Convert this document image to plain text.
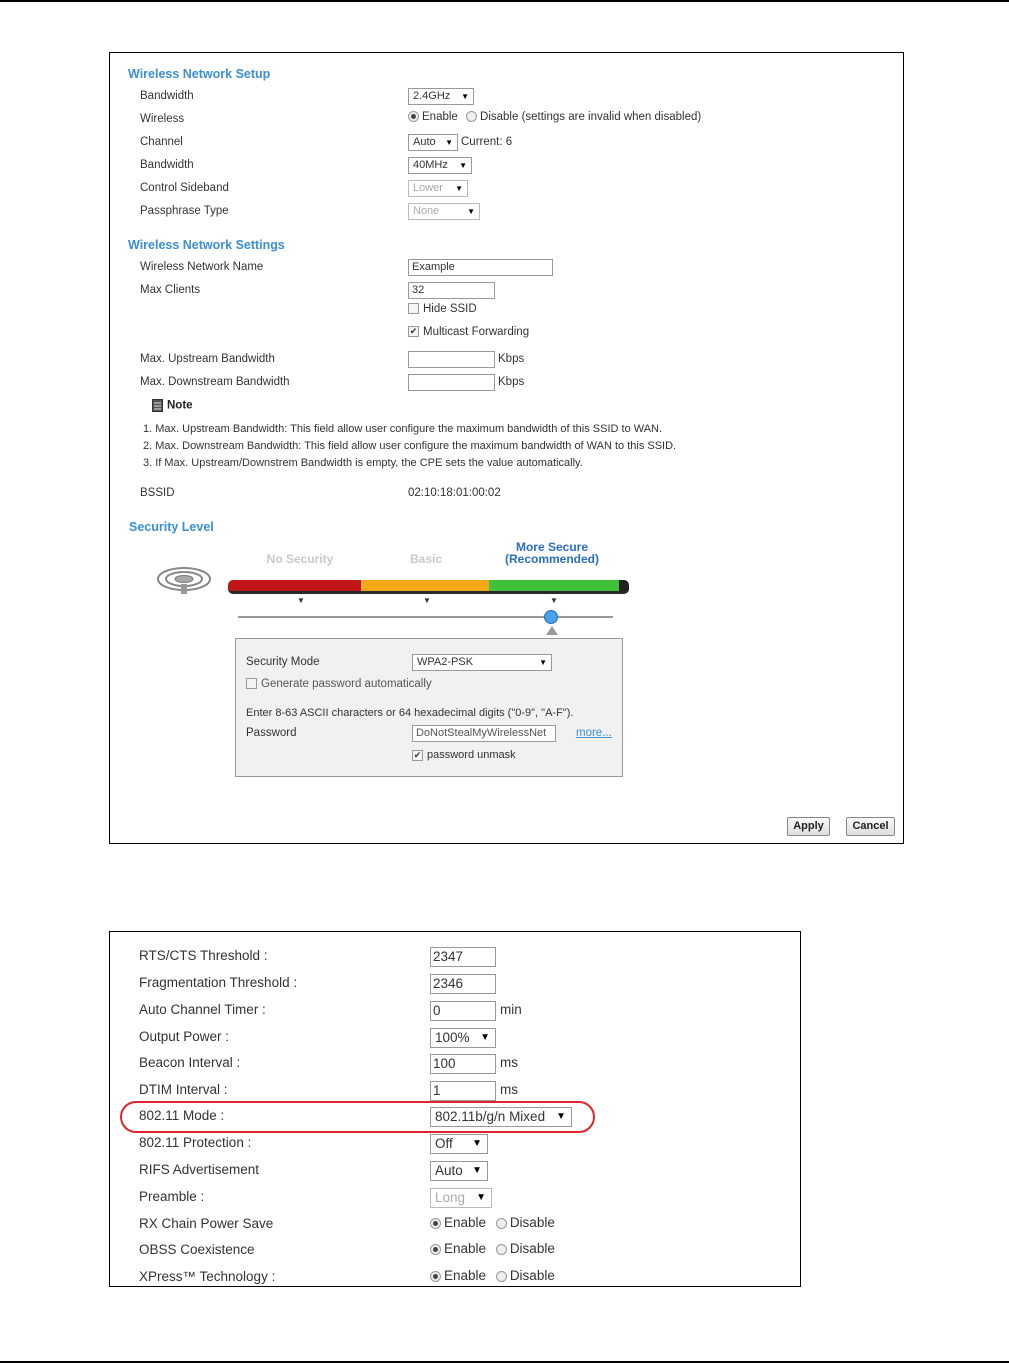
Wireless Network Setup
Bandwidth	2.4GHz ▼
Wireless	Enable Disable (settings are invalid when disabled)
Channel	Auto ▼ Current: 6
Bandwidth	40MHz ▼
Control Sideband	Lower ▼
Passphrase Type	None	▼
Wireless Network Settings
Wireless Network Name	Example
Max Clients	32
Hide SSID
✔ Multicast Forwarding
Max. Upstream Bandwidth	Kbps
Max. Downstream Bandwidth	Kbps
Note
1. Max. Upstream Bandwidth: This field allow user configure the maximum bandwidth of this SSID to WAN.
2. Max. Downstream Bandwidth: This field allow user configure the maximum bandwidth of WAN to this SSID.
3. If Max. Upstream/Downstrem Bandwidth is empty, the CPE sets the value automatically.
BSSID	02:10:18:01:00:02
Security Level
No Security	Basic
More Secure
(Recommended)
▼	▼	▼
Security Mode	WPA2-PSK	▼
Generate password automatically
Enter 8-63 ASCII characters or 64 hexadecimal digits ("0-9", "A-F").
Password	DoNotStealMyWirelessNet	more...
✔ password unmask
Apply	Cancel
RTS/CTS Threshold :	2347
Fragmentation Threshold :	2346
Auto Channel Timer :	0	min
Output Power :	100% ▼
Beacon Interval :	100	ms
DTIM Interval :	1	ms
802.11 Mode :	802.11b/g/n Mixed ▼
802.11 Protection :	Off ▼
RIFS Advertisement	Auto ▼
Preamble :	Long ▼
RX Chain Power Save	Enable Disable
OBSS Coexistence	Enable Disable
XPress™ Technology :	Enable Disable
